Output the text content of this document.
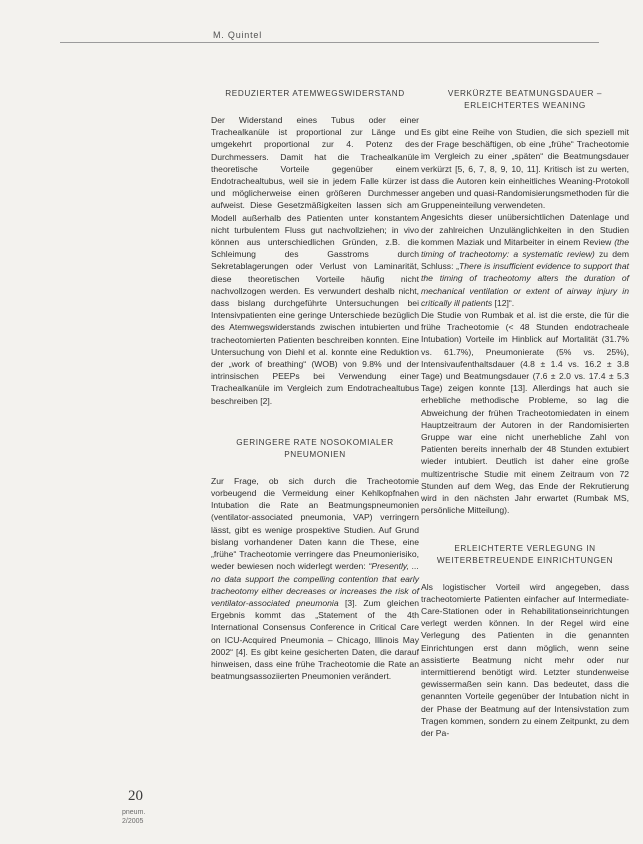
M. Quintel
REDUZIERTER ATEMWEGSWIDERSTAND

Der Widerstand eines Tubus oder einer Trachealkanüle ist proportional zur Länge und umgekehrt proportional zur 4. Potenz des Durchmessers. Damit hat die Trachealkanüle theoretische Vorteile gegenüber einem Endotrachealtubus, weil sie in jedem Falle kürzer ist und möglicherweise einen größeren Durchmesser aufweist. Diese Gesetzmäßigkeiten lassen sich am Modell außerhalb des Patienten unter konstantem nicht turbulentem Fluss gut nachvollziehen; in vivo können aus unterschiedlichen Gründen, z.B. die Schleimung des Gasstroms durch Sekretablagerungen oder Verlust von Laminarität, diese theoretischen Vorteile häufig nicht nachvollzogen werden. Es verwundert deshalb nicht, dass bislang durchgeführte Untersuchungen bei Intensivpatienten eine geringe Unterschiede bezüglich des Atemwegswiderstands zwischen intubierten und tracheotomierten Patienten beschreiben konnten. Eine Untersuchung von Diehl et al. konnte eine Reduktion der „work of breathing“ (WOB) von 9.8% und der intrinsischen PEEPs bei Verwendung einer Trachealkanüle im Vergleich zum Endotrachealtubus beschreiben [2].

GERINGERE RATE NOSOKOMIALER
PNEUMONIEN

Zur Frage, ob sich durch die Tracheotomie vorbeugend die Vermeidung einer Kehlkopfnahen Intubation die Rate an Beatmungspneumonien (ventilator-associated pneumonia, VAP) verringern lässt, gibt es wenige prospektive Studien. Auf Grund bislang vorhandener Daten kann die These, eine „frühe“ Tracheotomie verringere das Pneumonierisiko, weder bewiesen noch widerlegt werden: “Presently, ... no data support the compelling contention that early tracheotomy either decreases or increases the risk of ventilator-associated pneumonia [3]. Zum gleichen Ergebnis kommt das „Statement of the 4th International Consensus Conference in Critical Care on ICU-Acquired Pneumonia – Chicago, Illinois May 2002“ [4]. Es gibt keine gesicherten Daten, die darauf hinweisen, dass eine frühe Tracheotomie die Rate an beatmungsassoziierten Pneumonien verändert.

VERKÜRZTE BEATMUNGSDAUER –
ERLEICHTERTES WEANING

Es gibt eine Reihe von Studien, die sich speziell mit der Frage beschäftigen, ob eine „frühe“ Tracheotomie im Vergleich zu einer „späten“ die Beatmungsdauer verkürzt [5, 6, 7, 8, 9, 10, 11]. Kritisch ist zu werten, dass die Autoren kein einheitliches Weaning-Protokoll angeben und quasi-Randomisierungsmethoden für die Gruppeneinteilung verwendeten.

Angesichts dieser unübersichtlichen Datenlage und der zahlreichen Unzulänglichkeiten in den Studien kommen Maziak und Mitarbeiter in einem Review (the timing of tracheotomy: a systematic review) zu dem Schluss: „There is insufficient evidence to support that the timing of tracheotomy alters the duration of mechanical ventilation or extent of airway injury in critically ill patients [12]“.

Die Studie von Rumbak et al. ist die erste, die für die frühe Tracheotomie (< 48 Stunden endotracheale Intubation) Vorteile im Hinblick auf Mortalität (31.7% vs. 61.7%), Pneumonierate (5% vs. 25%), Intensivaufenthaltsdauer (4.8 ± 1.4 vs. 16.2 ± 3.8 Tage) und Beatmungsdauer (7.6 ± 2.0 vs. 17.4 ± 5.3 Tage) zeigen konnte [13]. Allerdings hat auch sie erhebliche methodische Probleme, so lag die Abweichung der frühen Tracheotomiedaten in einem Hauptzeitraum der Autoren in der Randomisierten Gruppe war eine nicht unerhebliche Zahl von Patienten bereits innerhalb der 48 Stunden extubiert wieder intubiert. Deutlich ist daher eine große multizentrische Studie mit einem Zeitraum von 72 Stunden auf dem Weg, das Ende der Rekrutierung wird in den nächsten Jahr erwartet (Rumbak MS, persönliche Mitteilung).

ERLEICHTERTE VERLEGUNG IN
WEITERBETREUENDE EINRICHTUNGEN

Als logistischer Vorteil wird angegeben, dass tracheotomierte Patienten einfacher auf Intermediate-Care-Stationen oder in Rehabilitationseinrichtungen verlegt werden können. In der Regel wird eine Verlegung des Patienten in die genannten Einrichtungen erst dann möglich, wenn seine assistierte Beatmung nicht mehr oder nur intermittierend benötigt wird. Letzter stundenweise gewissermaßen sein kann. Das bedeutet, dass die genannten Vorteile gegenüber der Intubation nicht in der Phase der Beatmung auf der Intensivstation zum Tragen kommen, sondern zu einem Zeitpunkt, zu dem der Pa-

20
pneum.
2/2005
